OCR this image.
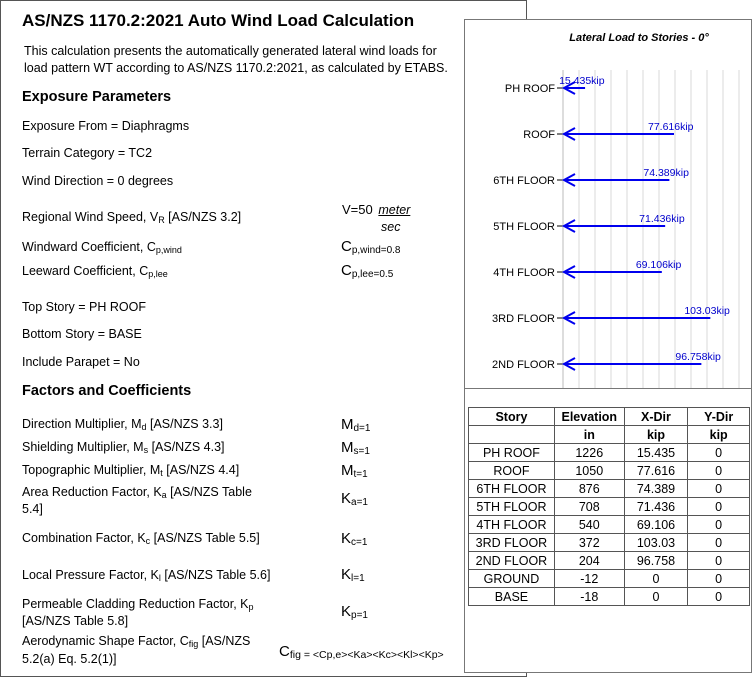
AS/NZS 1170.2:2021 Auto Wind Load Calculation
This calculation presents the automatically generated lateral wind loads for
load pattern WT according to AS/NZS 1170.2:2021, as calculated by ETABS.
Exposure Parameters
Exposure From = Diaphragms
Terrain Category = TC2
Wind Direction = 0 degrees
Regional Wind Speed, $V_R$ [AS/NZS 3.2]	V=50 meter
sec
Windward Coefficient, $C_{p,wind}$	$C_{p,wind=0.8}$
Leeward Coefficient, $C_{p,lee}$	$C_{p,lee=0.5}$
Top Story = PH ROOF
Bottom Story = BASE
Include Parapet = No
Factors and Coefficients
Direction Multiplier, $M_d$ [AS/NZS 3.3]	$M_{d=1}$
Shielding Multiplier, $M_s$ [AS/NZS 4.3]	$M_{s=1}$
Topographic Multiplier, $M_t$ [AS/NZS 4.4]	$M_{t=1}$
Area Reduction Factor, $K_a$ [AS/NZS Table
5.4]
$K_{a=1}$
Combination Factor, $K_c$ [AS/NZS Table 5.5]	$K_{c=1}$
Local Pressure Factor, $K_l$ [AS/NZS Table 5.6]	$K_{l=1}$
Permeable Cladding Reduction Factor, $K_p$
[AS/NZS Table 5.8]
$K_{p=1}$
Aerodynamic Shape Factor, $C_{fig}$ [AS/NZS
5.2(a) Eq. 5.2(1)]	Cfig = <Cp,e><Ka><Kc><Kl><Kp>
Lateral Load to Stories - 0°
PH ROOF
15.435kip
ROOF
77.616kip
6TH FLOOR
74.389kip
5TH FLOOR
71.436kip
4TH FLOOR
69.106kip
3RD FLOOR
103.03kip
2ND FLOOR
96.758kip
Story	Elevation	X-Dir	Y-Dir
	in	kip	kip
PH ROOF	1226	15.435	0
ROOF	1050	77.616	0
6TH FLOOR	876	74.389	0
5TH FLOOR	708	71.436	0
4TH FLOOR	540	69.106	0
3RD FLOOR	372	103.03	0
2ND FLOOR	204	96.758	0
GROUND	-12	0	0
BASE	-18	0	0
